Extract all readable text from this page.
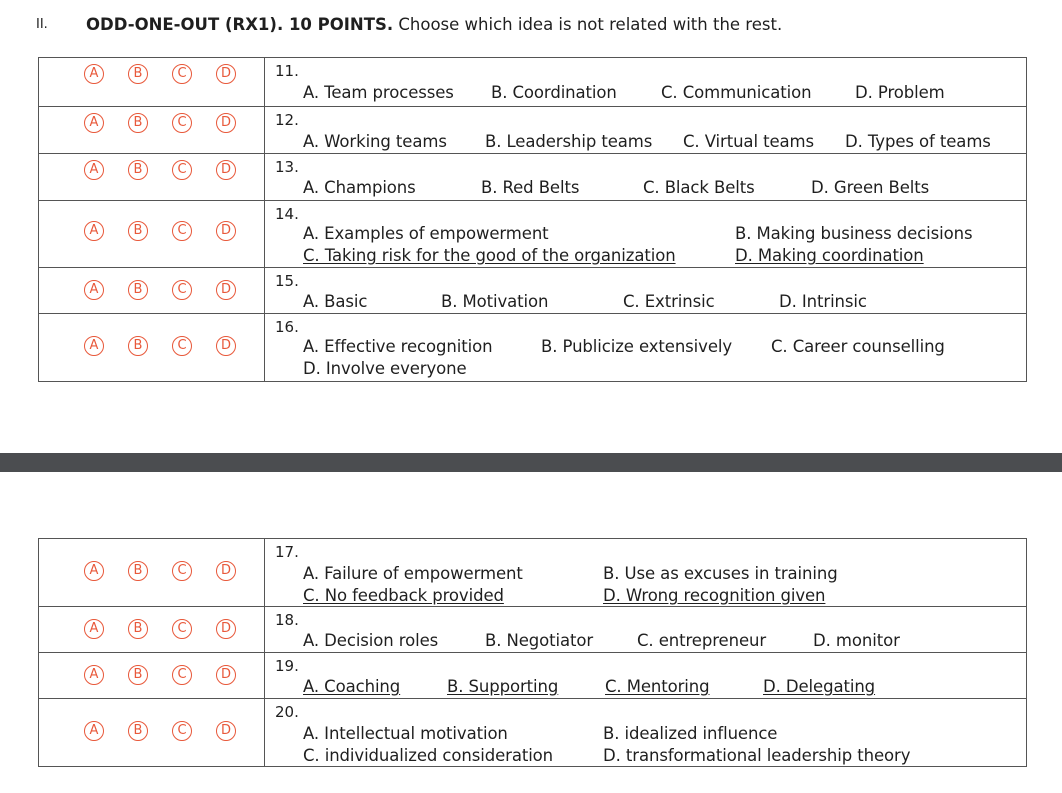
II. ODD-ONE-OUT (RX1). 10 POINTS. Choose which idea is not related with the rest.
A B C D	11.
A. Team processes B. Coordination C. Communication D. Problem

A B C D	12.
A. Working teams B. Leadership teams C. Virtual teams D. Types of teams

A B C D	13.
A. Champions B. Red Belts C. Black Belts D. Green Belts

A B C D	14.
A. Examples of empowerment B. Making business decisions
C. Taking risk for the good of the organization D. Making coordination

A B C D	15.
A. Basic B. Motivation C. Extrinsic D. Intrinsic

A B C D	16.
A. Effective recognition B. Publicize extensively C. Career counselling
D. Involve everyone
A B C D	17.
A. Failure of empowerment B. Use as excuses in training
C. No feedback provided D. Wrong recognition given

A B C D	18.
A. Decision roles B. Negotiator C. entrepreneur D. monitor

A B C D	19.
A. Coaching B. Supporting C. Mentoring D. Delegating

A B C D	20.
A. Intellectual motivation B. idealized influence
C. individualized consideration D. transformational leadership theory
